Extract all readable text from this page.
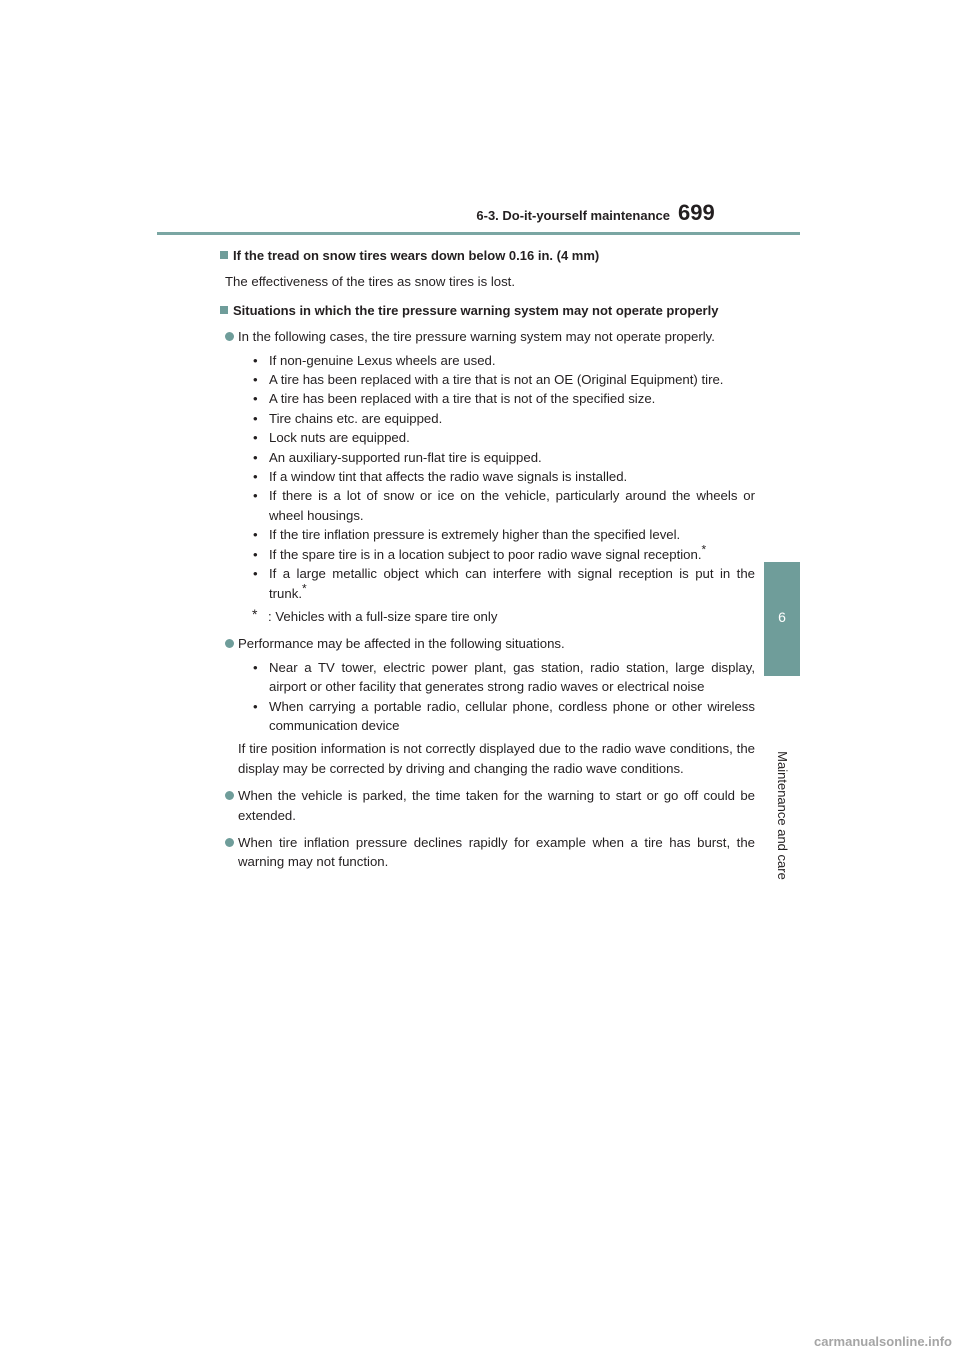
6-3. Do-it-yourself maintenance 699
6
Maintenance and care
If the tread on snow tires wears down below 0.16 in. (4 mm)

The effectiveness of the tires as snow tires is lost.

Situations in which the tire pressure warning system may not operate properly
In the following cases, the tire pressure warning system may not operate properly.
• If non-genuine Lexus wheels are used.
• A tire has been replaced with a tire that is not an OE (Original Equipment) tire.
• A tire has been replaced with a tire that is not of the specified size.
• Tire chains etc. are equipped.
• Lock nuts are equipped.
• An auxiliary-supported run-flat tire is equipped.
• If a window tint that affects the radio wave signals is installed.
• If there is a lot of snow or ice on the vehicle, particularly around the wheels or wheel housings.
• If the tire inflation pressure is extremely higher than the specified level.
• If the spare tire is in a location subject to poor radio wave signal reception.*
• If a large metallic object which can interfere with signal reception is put in the trunk.*
* : Vehicles with a full-size spare tire only
Performance may be affected in the following situations.
• Near a TV tower, electric power plant, gas station, radio station, large display, airport or other facility that generates strong radio waves or electrical noise
• When carrying a portable radio, cellular phone, cordless phone or other wireless communication device

If tire position information is not correctly displayed due to the radio wave conditions, the display may be corrected by driving and changing the radio wave conditions.

When the vehicle is parked, the time taken for the warning to start or go off could be extended.
When tire inflation pressure declines rapidly for example when a tire has burst, the warning may not function.
carmanualsonline.info
